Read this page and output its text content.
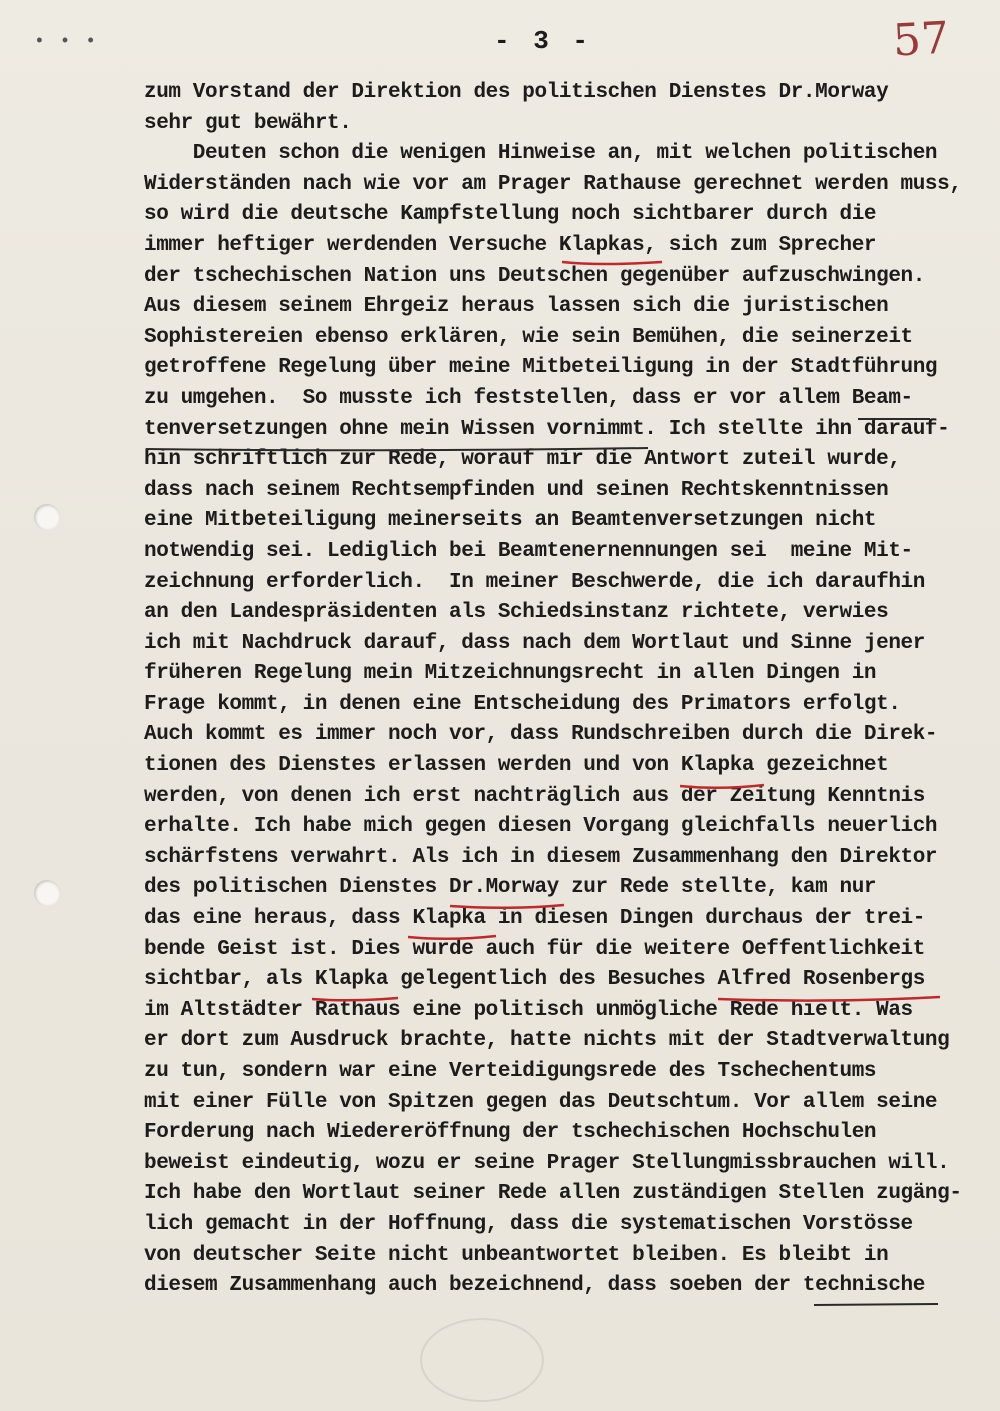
• • •	- 3 -	57
zum Vorstand der Direktion des politischen Dienstes Dr.Morway
sehr gut bewährt.
Deuten schon die wenigen Hinweise an, mit welchen politischen
Widerständen nach wie vor am Prager Rathause gerechnet werden muss,
so wird die deutsche Kampfstellung noch sichtbarer durch die
immer heftiger werdenden Versuche Klapkas, sich zum Sprecher
der tschechischen Nation uns Deutschen gegenüber aufzuschwingen.
Aus diesem seinem Ehrgeiz heraus lassen sich die juristischen
Sophistereien ebenso erklären, wie sein Bemühen, die seinerzeit
getroffene Regelung über meine Mitbeteiligung in der Stadtführung
zu umgehen.  So musste ich feststellen, dass er vor allem Beam-
tenversetzungen ohne mein Wissen vornimmt. Ich stellte ihn darauf-
hin schriftlich zur Rede, worauf mir die Antwort zuteil wurde,
dass nach seinem Rechtsempfinden und seinen Rechtskenntnissen
eine Mitbeteiligung meinerseits an Beamtenversetzungen nicht
notwendig sei. Lediglich bei Beamtenernennungen sei  meine Mit-
zeichnung erforderlich.  In meiner Beschwerde, die ich daraufhin
an den Landespräsidenten als Schiedsinstanz richtete, verwies
ich mit Nachdruck darauf, dass nach dem Wortlaut und Sinne jener
früheren Regelung mein Mitzeichnungsrecht in allen Dingen in
Frage kommt, in denen eine Entscheidung des Primators erfolgt.
Auch kommt es immer noch vor, dass Rundschreiben durch die Direk-
tionen des Dienstes erlassen werden und von Klapka gezeichnet
werden, von denen ich erst nachträglich aus der Zeitung Kenntnis
erhalte. Ich habe mich gegen diesen Vorgang gleichfalls neuerlich
schärfstens verwahrt. Als ich in diesem Zusammenhang den Direktor
des politischen Dienstes Dr.Morway zur Rede stellte, kam nur
das eine heraus, dass Klapka in diesen Dingen durchaus der trei-
bende Geist ist. Dies wurde auch für die weitere Oeffentlichkeit
sichtbar, als Klapka gelegentlich des Besuches Alfred Rosenbergs
im Altstädter Rathaus eine politisch unmögliche Rede hielt. Was
er dort zum Ausdruck brachte, hatte nichts mit der Stadtverwaltung
zu tun, sondern war eine Verteidigungsrede des Tschechentums
mit einer Fülle von Spitzen gegen das Deutschtum. Vor allem seine
Forderung nach Wiedereröffnung der tschechischen Hochschulen
beweist eindeutig, wozu er seine Prager Stellungmissbrauchen will.
Ich habe den Wortlaut seiner Rede allen zuständigen Stellen zugäng-
lich gemacht in der Hoffnung, dass die systematischen Vorstösse
von deutscher Seite nicht unbeantwortet bleiben. Es bleibt in
diesem Zusammenhang auch bezeichnend, dass soeben der technische
